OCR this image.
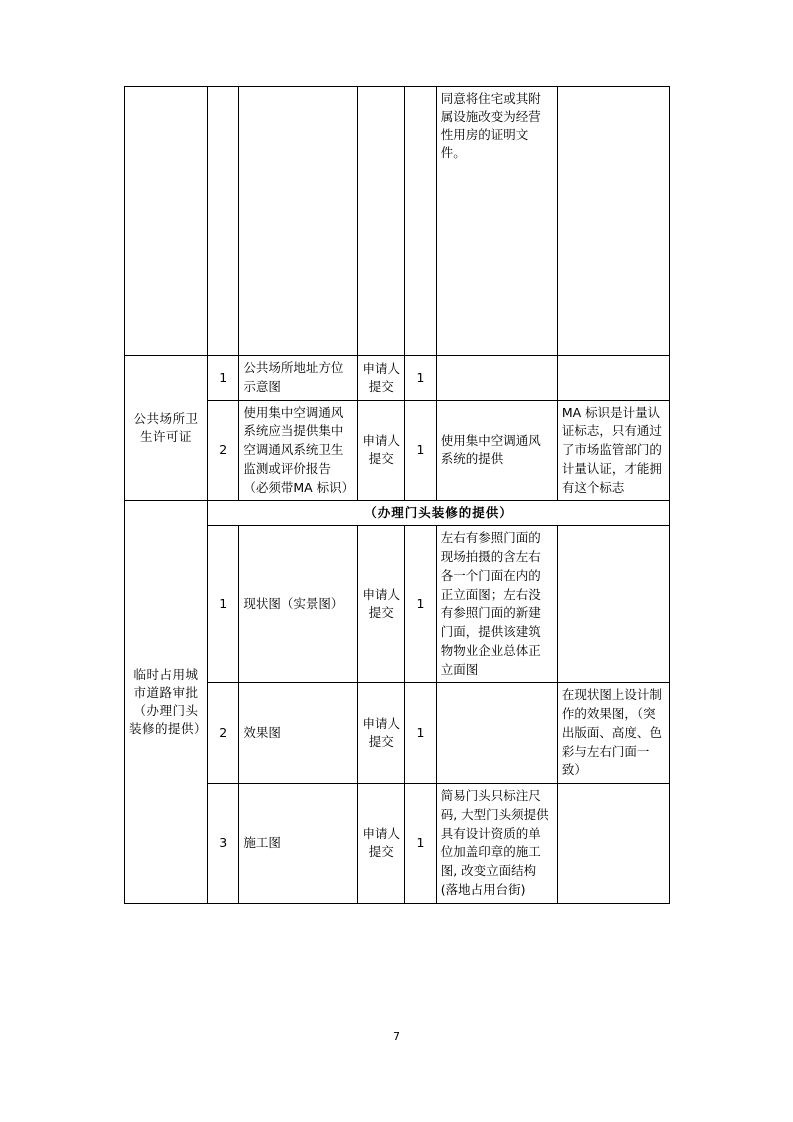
					同意将住宅或其附属设施改变为经营性用房的证明文件。	
公共场所卫生许可证	1	公共场所地址方位示意图	申请人提交	1		
	2	使用集中空调通风系统应当提供集中空调通风系统卫生监测或评价报告（必须带MA 标识）	申请人提交	1	使用集中空调通风系统的提供	MA 标识是计量认证标志，只有通过了市场监管部门的计量认证，才能拥有这个标志
临时占用城市道路审批（办理门头装修的提供）	（办理门头装修的提供）					
	1	现状图（实景图）	申请人提交	1	左右有参照门面的现场拍摄的含左右各一个门面在内的正立面图；左右没有参照门面的新建门面，提供该建筑物物业企业总体正立面图	
	2	效果图	申请人提交	1		在现状图上设计制作的效果图，（突出版面、高度、色彩与左右门面一致）
	3	施工图	申请人提交	1	简易门头只标注尺码, 大型门头须提供具有设计资质的单位加盖印章的施工图, 改变立面结构(落地占用台街)	
7
